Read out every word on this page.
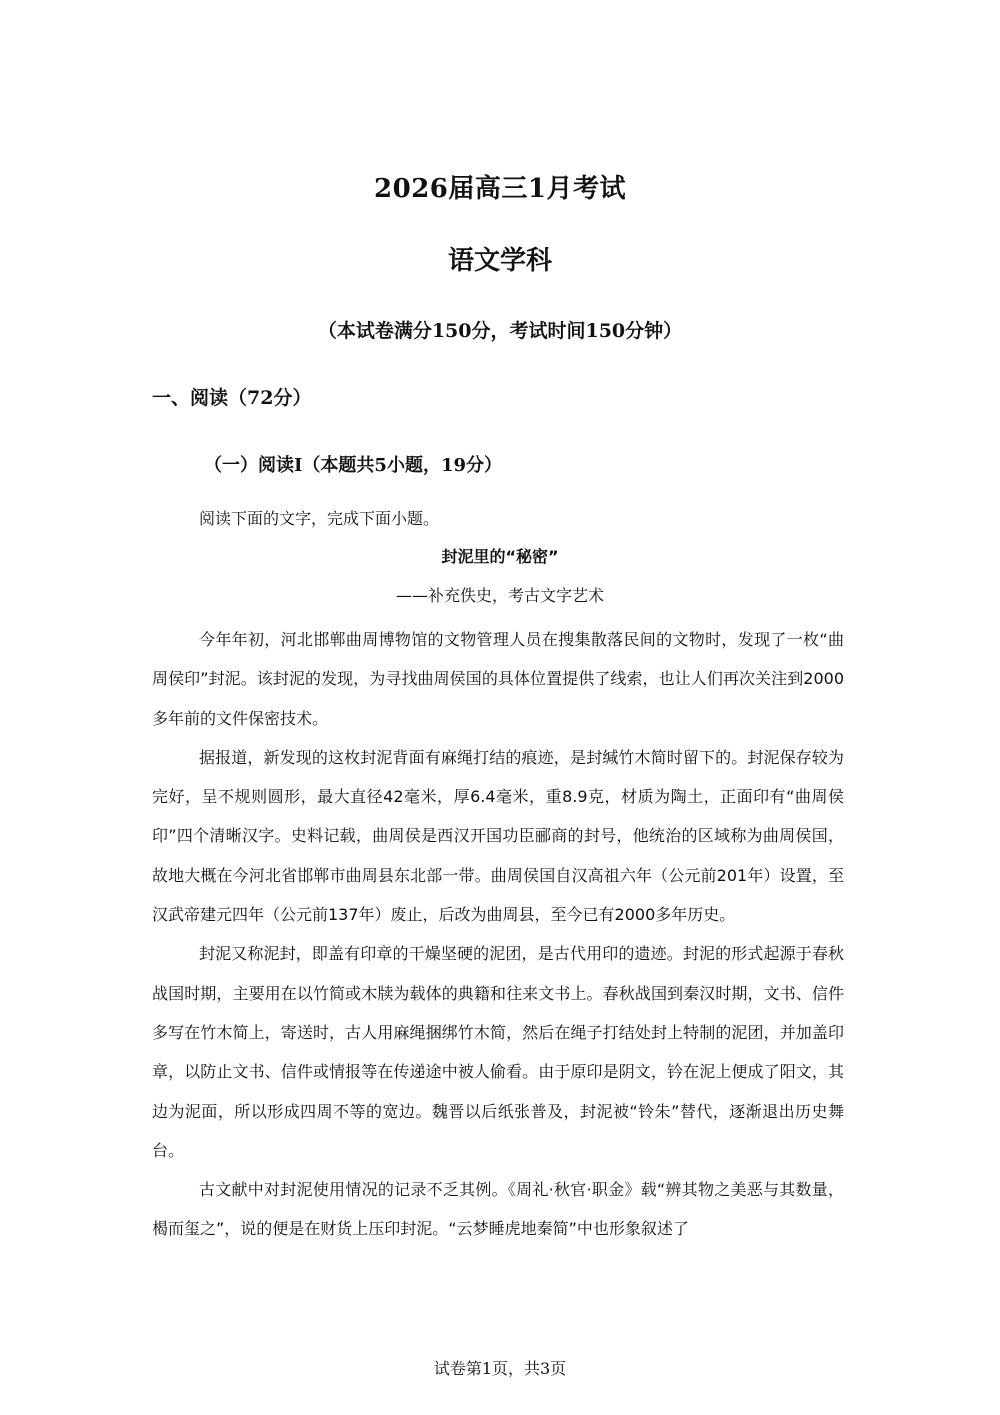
2026届高三1月考试
语文学科
（本试卷满分150分，考试时间150分钟）
一、阅读（72分）
（一）阅读Ⅰ（本题共5小题，19分）
阅读下面的文字，完成下面小题。
封泥里的“秘密”
——补充佚史，考古文字艺术

今年年初，河北邯郸曲周博物馆的文物管理人员在搜集散落民间的文物时，发现了一枚“曲周侯印”封泥。该封泥的发现，为寻找曲周侯国的具体位置提供了线索，也让人们再次关注到2000多年前的文件保密技术。

据报道，新发现的这枚封泥背面有麻绳打结的痕迹，是封缄竹木简时留下的。封泥保存较为完好，呈不规则圆形，最大直径42毫米，厚6.4毫米，重8.9克，材质为陶土，正面印有“曲周侯印”四个清晰汉字。史料记载，曲周侯是西汉开国功臣郦商的封号，他统治的区域称为曲周侯国，故地大概在今河北省邯郸市曲周县东北部一带。曲周侯国自汉高祖六年（公元前201年）设置，至汉武帝建元四年（公元前137年）废止，后改为曲周县，至今已有2000多年历史。

封泥又称泥封，即盖有印章的干燥坚硬的泥团，是古代用印的遗迹。封泥的形式起源于春秋战国时期，主要用在以竹简或木牍为载体的典籍和往来文书上。春秋战国到秦汉时期，文书、信件多写在竹木简上，寄送时，古人用麻绳捆绑竹木简，然后在绳子打结处封上特制的泥团，并加盖印章，以防止文书、信件或情报等在传递途中被人偷看。由于原印是阴文，钤在泥上便成了阳文，其边为泥面，所以形成四周不等的宽边。魏晋以后纸张普及，封泥被“铃朱”替代，逐渐退出历史舞台。

古文献中对封泥使用情况的记录不乏其例。《周礼·秋官·职金》载“辨其物之美恶与其数量，楬而玺之”，说的便是在财货上压印封泥。“云梦睡虎地秦简”中也形象叙述了

试卷第1页，共3页
